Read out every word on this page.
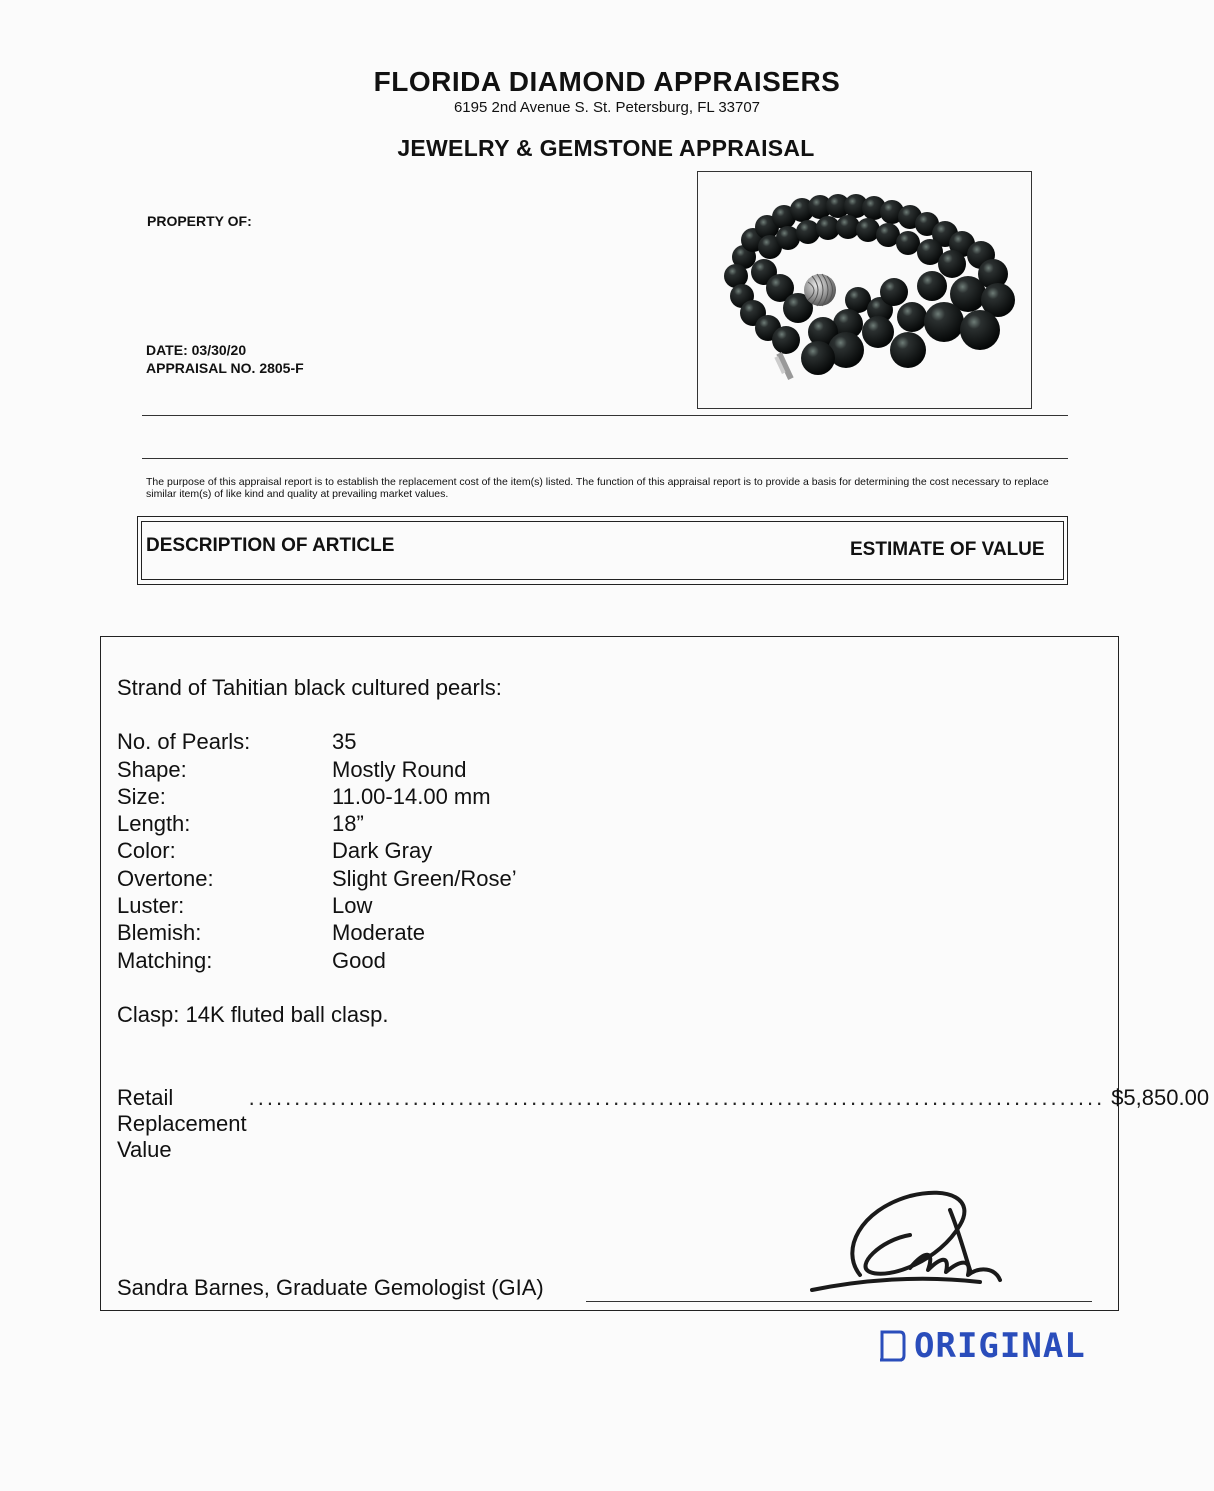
FLORIDA DIAMOND APPRAISERS
6195 2nd Avenue S. St. Petersburg, FL 33707
JEWELRY & GEMSTONE APPRAISAL
PROPERTY OF:
DATE: 03/30/20
APPRAISAL NO. 2805-F
The purpose of this appraisal report is to establish the replacement cost of the item(s) listed. The function of this appraisal report is to provide a basis for determining the cost necessary to replace similar item(s) of like kind and quality at prevailing market values.
DESCRIPTION OF ARTICLE	ESTIMATE OF VALUE
Strand of Tahitian black cultured pearls:
No. of Pearls:	35
Shape:	Mostly Round
Size:	11.00-14.00 mm
Length:	18”
Color:	Dark Gray
Overtone:	Slight Green/Rose’
Luster:	Low
Blemish:	Moderate
Matching:	Good
Clasp: 14K fluted ball clasp.
Retail Replacement Value
.............................................................................................. $5,850.00
Sandra Barnes, Graduate Gemologist (GIA)
ORIGINAL
